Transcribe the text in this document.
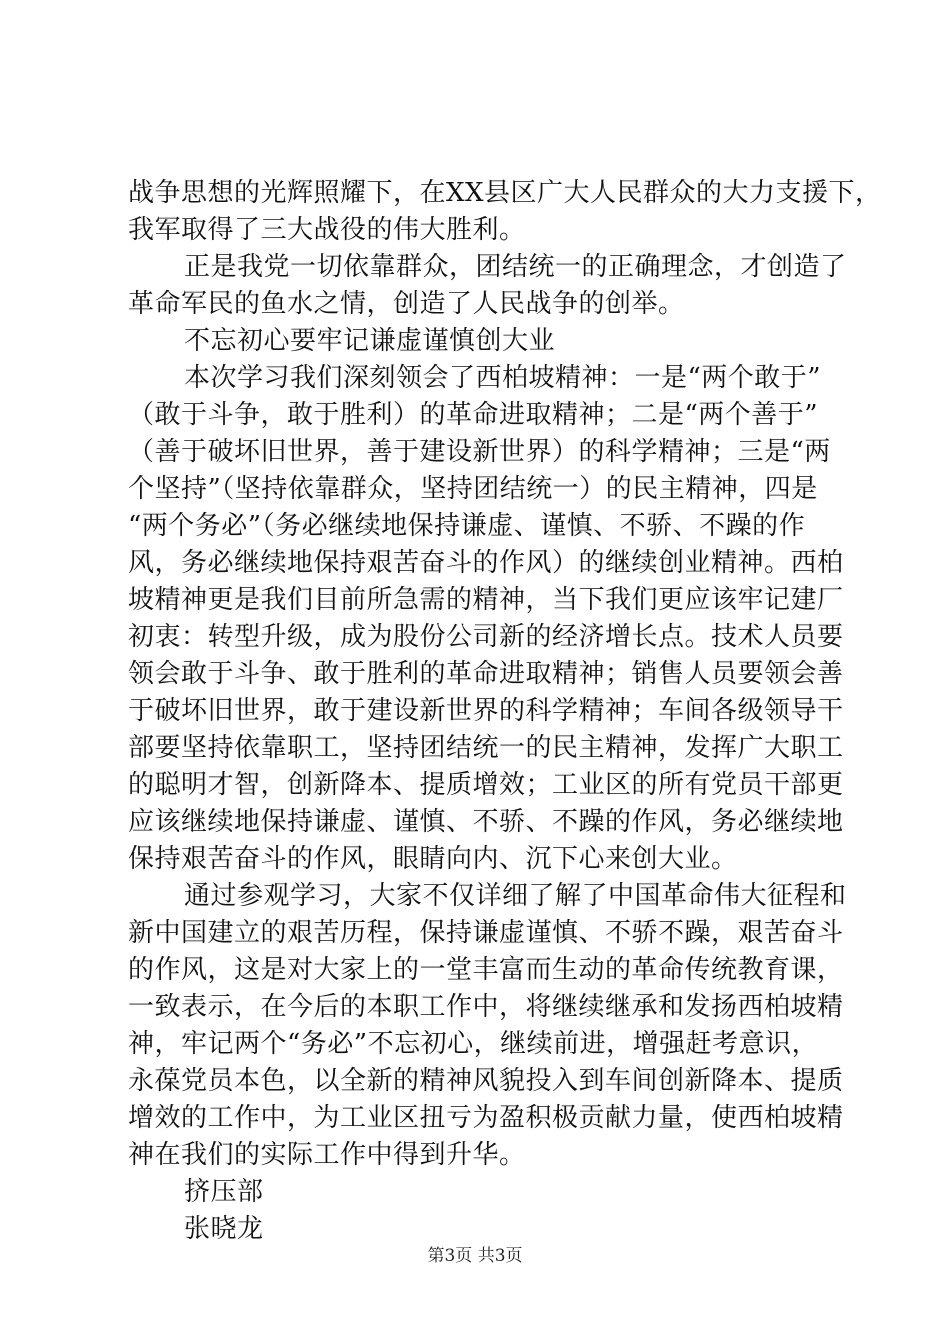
战争思想的光辉照耀下，在XX县区广大人民群众的大力支援下，
我军取得了三大战役的伟大胜利。
正是我党一切依靠群众，团结统一的正确理念，才创造了
革命军民的鱼水之情，创造了人民战争的创举。
不忘初心要牢记谦虚谨慎创大业
本次学习我们深刻领会了西柏坡精神：一是“两个敢于”
（敢于斗争，敢于胜利）的革命进取精神；二是“两个善于”
（善于破坏旧世界，善于建设新世界）的科学精神；三是“两
个坚持”（坚持依靠群众，坚持团结统一）的民主精神，四是
“两个务必”（务必继续地保持谦虚、谨慎、不骄、不躁的作
风，务必继续地保持艰苦奋斗的作风）的继续创业精神。西柏
坡精神更是我们目前所急需的精神，当下我们更应该牢记建厂
初衷：转型升级，成为股份公司新的经济增长点。技术人员要
领会敢于斗争、敢于胜利的革命进取精神；销售人员要领会善
于破坏旧世界，敢于建设新世界的科学精神；车间各级领导干
部要坚持依靠职工，坚持团结统一的民主精神，发挥广大职工
的聪明才智，创新降本、提质增效；工业区的所有党员干部更
应该继续地保持谦虚、谨慎、不骄、不躁的作风，务必继续地
保持艰苦奋斗的作风，眼睛向内、沉下心来创大业。
通过参观学习，大家不仅详细了解了中国革命伟大征程和
新中国建立的艰苦历程，保持谦虚谨慎、不骄不躁，艰苦奋斗
的作风，这是对大家上的一堂丰富而生动的革命传统教育课，
一致表示，在今后的本职工作中，将继续继承和发扬西柏坡精
神，牢记两个“务必”不忘初心，继续前进，增强赶考意识，
永葆党员本色，以全新的精神风貌投入到车间创新降本、提质
增效的工作中，为工业区扭亏为盈积极贡献力量，使西柏坡精
神在我们的实际工作中得到升华。
挤压部
张晓龙
第3页 共3页
